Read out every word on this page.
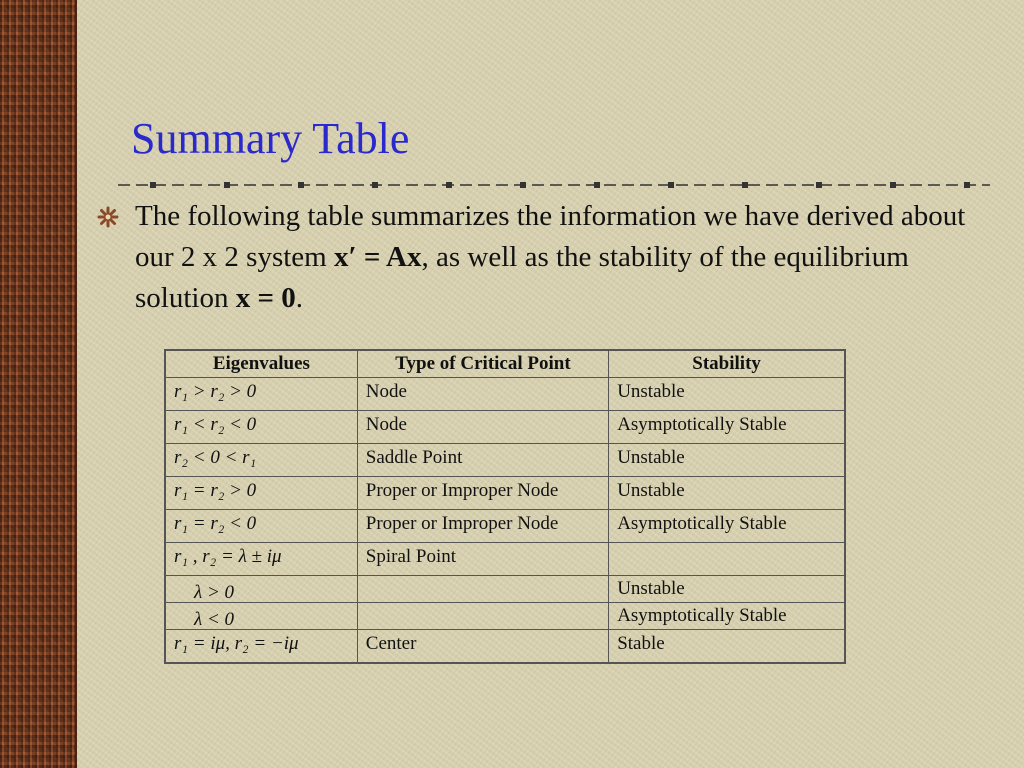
Summary Table

The following table summarizes the information we have derived about our 2 x 2 system x′ = Ax, as well as the stability of the equilibrium solution x = 0.

Eigenvalues	Type of Critical Point	Stability
r₁ > r₂ > 0	Node	Unstable
r₁ < r₂ < 0	Node	Asymptotically Stable
r₂ < 0 < r₁	Saddle Point	Unstable
r₁ = r₂ > 0	Proper or Improper Node	Unstable
r₁ = r₂ < 0	Proper or Improper Node	Asymptotically Stable
r₁ , r₂ = λ ± iμ	Spiral Point	
λ > 0		Unstable
λ < 0		Asymptotically Stable
r₁ = iμ, r₂ = −iμ	Center	Stable
